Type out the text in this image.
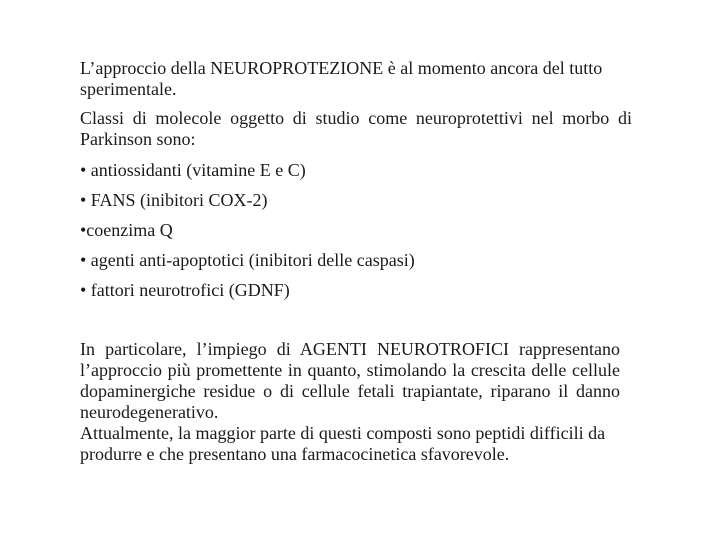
L’approccio della NEUROPROTEZIONE è al momento ancora del tutto sperimentale.

Classi di molecole oggetto di studio come neuroprotettivi nel morbo di Parkinson sono:

• antiossidanti (vitamine E e C)
• FANS (inibitori COX-2)
•coenzima Q
• agenti anti-apoptotici (inibitori delle caspasi)
• fattori neurotrofici (GDNF)

In particolare, l’impiego di AGENTI NEUROTROFICI rappresentano l’approccio più promettente in quanto, stimolando la crescita delle cellule dopaminergiche residue o di cellule fetali trapiantate, riparano il danno neurodegenerativo.

Attualmente, la maggior parte di questi composti sono peptidi difficili da produrre e che presentano una farmacocinetica sfavorevole.
